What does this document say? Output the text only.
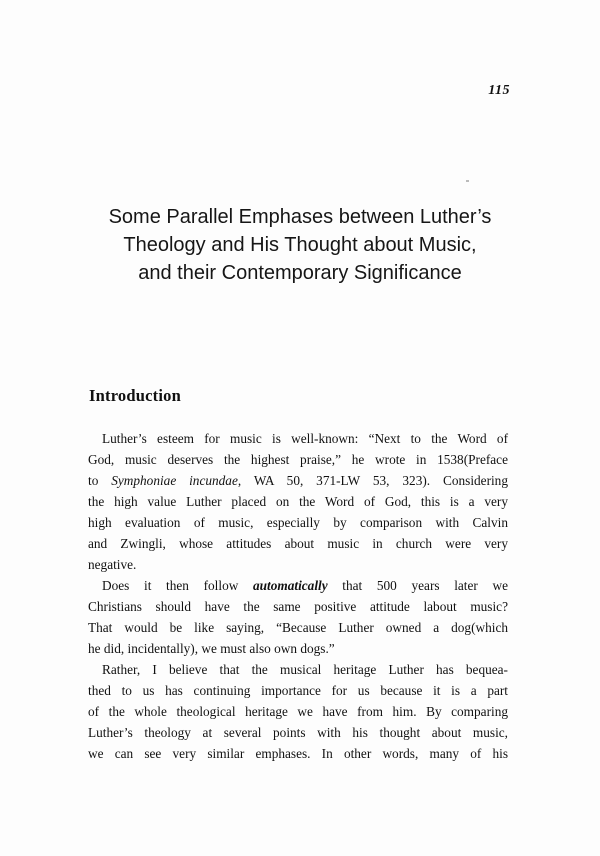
115
Some Parallel Emphases between Luther’s
Theology and His Thought about Music,
and their Contemporary Significance
Introduction
Luther’s esteem for music is well-known: “Next to the Word of
God, music deserves the highest praise,” he wrote in 1538(Preface
to Symphoniae incundae, WA 50, 371-LW 53, 323). Considering
the high value Luther placed on the Word of God, this is a very
high evaluation of music, especially by comparison with Calvin
and Zwingli, whose attitudes about music in church were very
negative.
Does it then follow automatically that 500 years later we
Christians should have the same positive attitude labout music?
That would be like saying, “Because Luther owned a dog(which
he did, incidentally), we must also own dogs.”
Rather, I believe that the musical heritage Luther has bequea-
thed to us has continuing importance for us because it is a part
of the whole theological heritage we have from him. By comparing
Luther’s theology at several points with his thought about music,
we can see very similar emphases. In other words, many of his
